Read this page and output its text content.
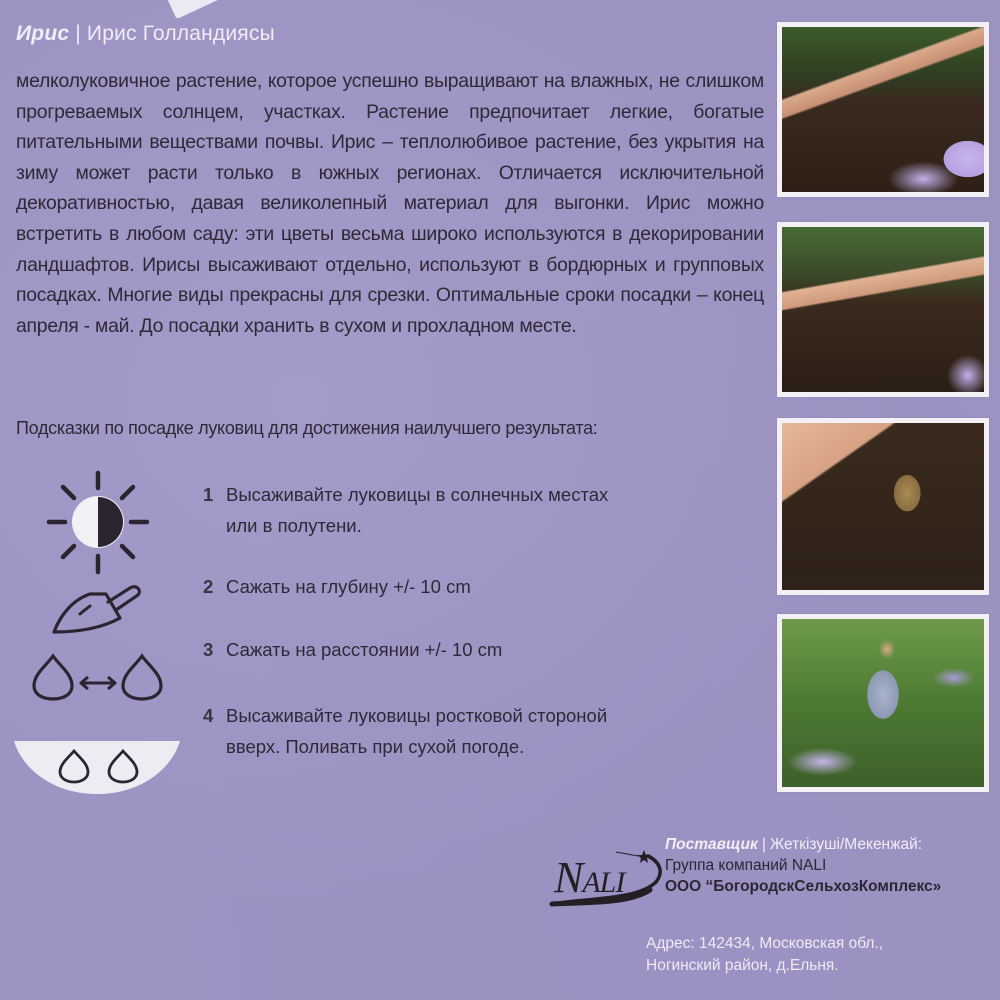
Ирис | Ирис Голландиясы

мелколуковичное растение, которое успешно выращивают на влажных, не слишком прогреваемых солнцем, участках. Растение предпочитает легкие, богатые питательными веществами почвы. Ирис – теплолюбивое растение, без укрытия на зиму может расти только в южных регионах. Отличается исключительной декоративностью, давая великолепный материал для выгонки. Ирис можно встретить в любом саду: эти цветы весьма широко используются в декорировании ландшафтов. Ирисы высаживают отдельно, используют в бордюрных и групповых посадках. Многие виды прекрасны для срезки. Оптимальные сроки посадки – конец апреля - май. До посадки хранить в сухом и прохладном месте.

Подсказки по посадке луковиц для достижения наилучшего результата:
1 Высаживайте луковицы в солнечных местах или в полутени.
2 Сажать на глубину +/- 10 cm
3 Сажать на расстоянии +/- 10 cm
4 Высаживайте луковицы ростковой стороной вверх. Поливать при сухой погоде.
NALI
Поставщик | Жеткізуші/Мекенжай:
Группа компаний NALI
ООО “БогородскСельхозКомплекс»
Адрес: 142434, Московская обл.,
Ногинский район, д.Ельня.
